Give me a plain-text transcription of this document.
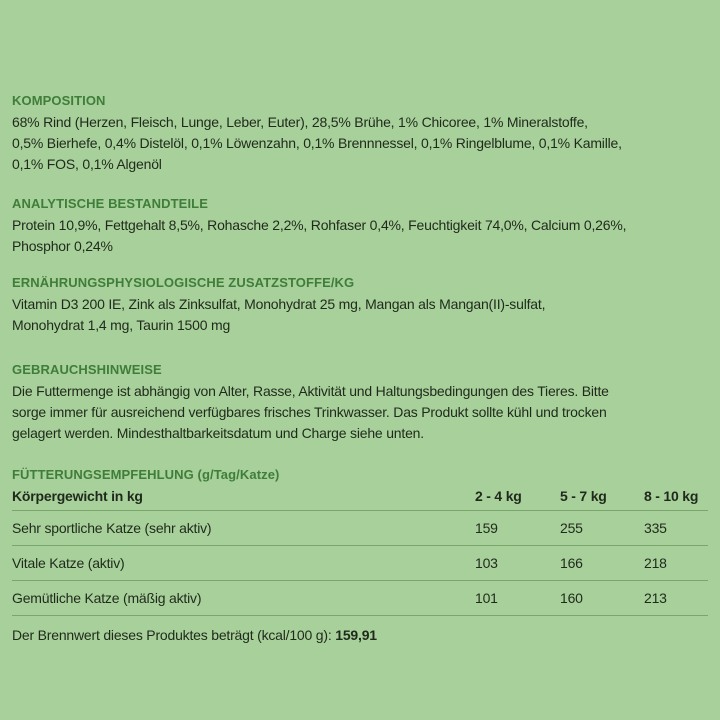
KOMPOSITION

68% Rind (Herzen, Fleisch, Lunge, Leber, Euter), 28,5% Brühe, 1% Chicoree, 1% Mineralstoffe,
0,5% Bierhefe, 0,4% Distelöl, 0,1% Löwenzahn, 0,1% Brennnessel, 0,1% Ringelblume, 0,1% Kamille,
0,1% FOS, 0,1% Algenöl

ANALYTISCHE BESTANDTEILE

Protein 10,9%, Fettgehalt 8,5%, Rohasche 2,2%, Rohfaser 0,4%, Feuchtigkeit 74,0%, Calcium 0,26%,
Phosphor 0,24%

ERNÄHRUNGSPHYSIOLOGISCHE ZUSATZSTOFFE/KG

Vitamin D3 200 IE, Zink als Zinksulfat, Monohydrat 25 mg, Mangan als Mangan(II)-sulfat,
Monohydrat 1,4 mg, Taurin 1500 mg

GEBRAUCHSHINWEISE

Die Futtermenge ist abhängig von Alter, Rasse, Aktivität und Haltungsbedingungen des Tieres. Bitte
sorge immer für ausreichend verfügbares frisches Trinkwasser. Das Produkt sollte kühl und trocken
gelagert werden. Mindesthaltbarkeitsdatum und Charge siehe unten.

FÜTTERUNGSEMPFEHLUNG (g/Tag/Katze)
Körpergewicht in kg	2 - 4 kg	5 - 7 kg	8 - 10 kg
Sehr sportliche Katze (sehr aktiv)	159	255	335
Vitale Katze (aktiv)	103	166	218
Gemütliche Katze (mäßig aktiv)	101	160	213
Der Brennwert dieses Produktes beträgt (kcal/100 g): 159,91
